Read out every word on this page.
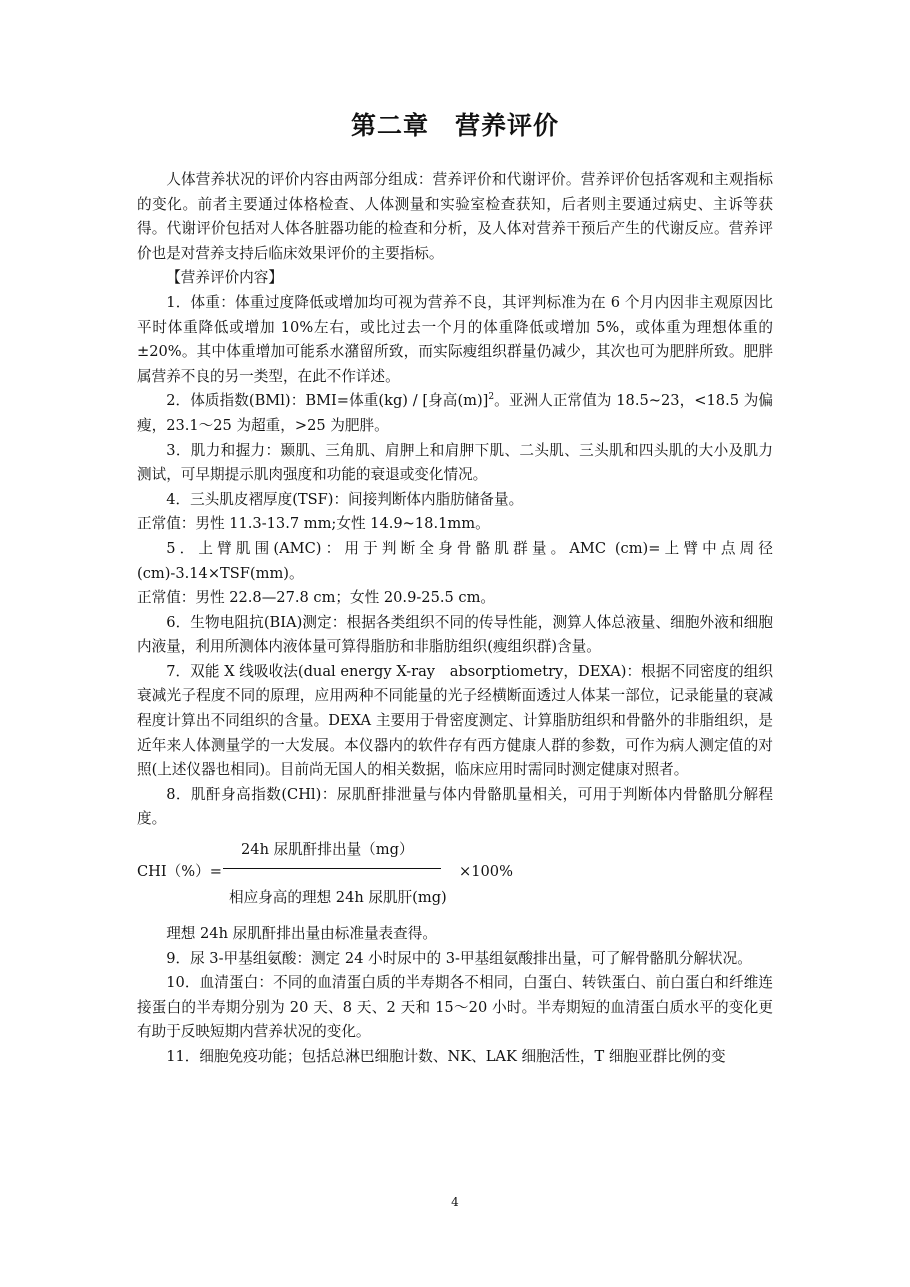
第二章　营养评价

人体营养状况的评价内容由两部分组成：营养评价和代谢评价。营养评价包括客观和主观指标的变化。前者主要通过体格检查、人体测量和实验室检查获知，后者则主要通过病史、主诉等获得。代谢评价包括对人体各脏器功能的检查和分析，及人体对营养干预后产生的代谢反应。营养评价也是对营养支持后临床效果评价的主要指标。

【营养评价内容】

1．体重：体重过度降低或增加均可视为营养不良，其评判标准为在 6 个月内因非主观原因比平时体重降低或增加 10%左右，或比过去一个月的体重降低或增加 5%，或体重为理想体重的±20%。其中体重增加可能系水潴留所致，而实际瘦组织群量仍减少，其次也可为肥胖所致。肥胖属营养不良的另一类型，在此不作详述。

2．体质指数(BMl)：BMI=体重(kg) / [身高(m)]$^2$。亚洲人正常值为 18.5~23，<18.5 为偏瘦，23.1～25 为超重，>25 为肥胖。

3．肌力和握力：颞肌、三角肌、肩胛上和肩胛下肌、二头肌、三头肌和四头肌的大小及肌力测试，可早期提示肌肉强度和功能的衰退或变化情况。

4．三头肌皮褶厚度(TSF)：间接判断体内脂肪储备量。

正常值：男性 11.3-13.7 mm;女性 14.9~18.1mm。

5．上臂肌围(AMC)：用于判断全身骨骼肌群量。AMC (cm)=上臂中点周径(cm)-3.14×TSF(mm)。

正常值：男性 22.8—27.8 cm；女性 20.9-25.5 cm。

6．生物电阻抗(BIA)测定：根据各类组织不同的传导性能，测算人体总液量、细胞外液和细胞内液量，利用所测体内液体量可算得脂肪和非脂肪组织(瘦组织群)含量。

7．双能 X 线吸收法(dual energy X-ray　absorptiometry，DEXA)：根据不同密度的组织衰减光子程度不同的原理，应用两种不同能量的光子经横断面透过人体某一部位，记录能量的衰减程度计算出不同组织的含量。DEXA 主要用于骨密度测定、计算脂肪组织和骨骼外的非脂组织，是近年来人体测量学的一大发展。本仪器内的软件存有西方健康人群的参数，可作为病人测定值的对照(上述仪器也相同)。目前尚无国人的相关数据，临床应用时需同时测定健康对照者。

8．肌酐身高指数(CHl)：尿肌酐排泄量与体内骨骼肌量相关，可用于判断体内骨骼肌分解程度。

24h 尿肌酐排出量（mg）
CHI（%）=	×100%
相应身高的理想 24h 尿肌肝(mg)

理想 24h 尿肌酐排出量由标准量表查得。

9．尿 3-甲基组氨酸：测定 24 小时尿中的 3-甲基组氨酸排出量，可了解骨骼肌分解状况。

10．血清蛋白：不同的血清蛋白质的半寿期各不相同，白蛋白、转铁蛋白、前白蛋白和纤维连接蛋白的半寿期分别为 20 天、8 天、2 天和 15～20 小时。半寿期短的血清蛋白质水平的变化更有助于反映短期内营养状况的变化。

11．细胞免疫功能；包括总淋巴细胞计数、NK、LAK 细胞活性，T 细胞亚群比例的变

4
